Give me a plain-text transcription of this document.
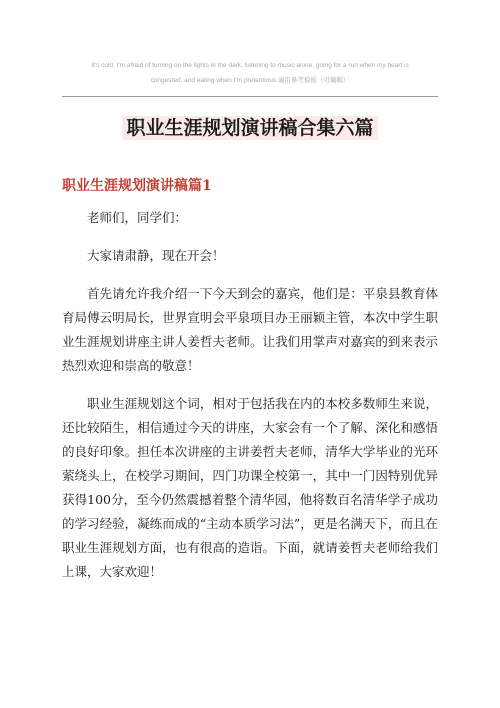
It's cold, I'm afraid of turning on the lights in the dark, listening to music alone, going for a run when my heart is
congested, and eating when I'm pretentious.適用參考模板（可編輯）
职业生涯规划演讲稿合集六篇
职业生涯规划演讲稿篇1

老师们，同学们：

大家请肃静，现在开会！

首先请允许我介绍一下今天到会的嘉宾，他们是：平泉县教育体育局傅云明局长，世界宣明会平泉项目办王丽颖主管，本次中学生职业生涯规划讲座主讲人姜哲夫老师。让我们用掌声对嘉宾的到来表示热烈欢迎和崇高的敬意！

职业生涯规划这个词，相对于包括我在内的本校多数师生来说，还比较陌生，相信通过今天的讲座，大家会有一个了解、深化和感悟的良好印象。担任本次讲座的主讲姜哲夫老师，清华大学毕业的光环萦绕头上，在校学习期间，四门功课全校第一，其中一门因特别优异获得100分，至今仍然震撼着整个清华园，他将数百名清华学子成功的学习经验，凝练而成的“主动本质学习法”，更是名满天下，而且在职业生涯规划方面，也有很高的造诣。下面，就请姜哲夫老师给我们上课，大家欢迎！
